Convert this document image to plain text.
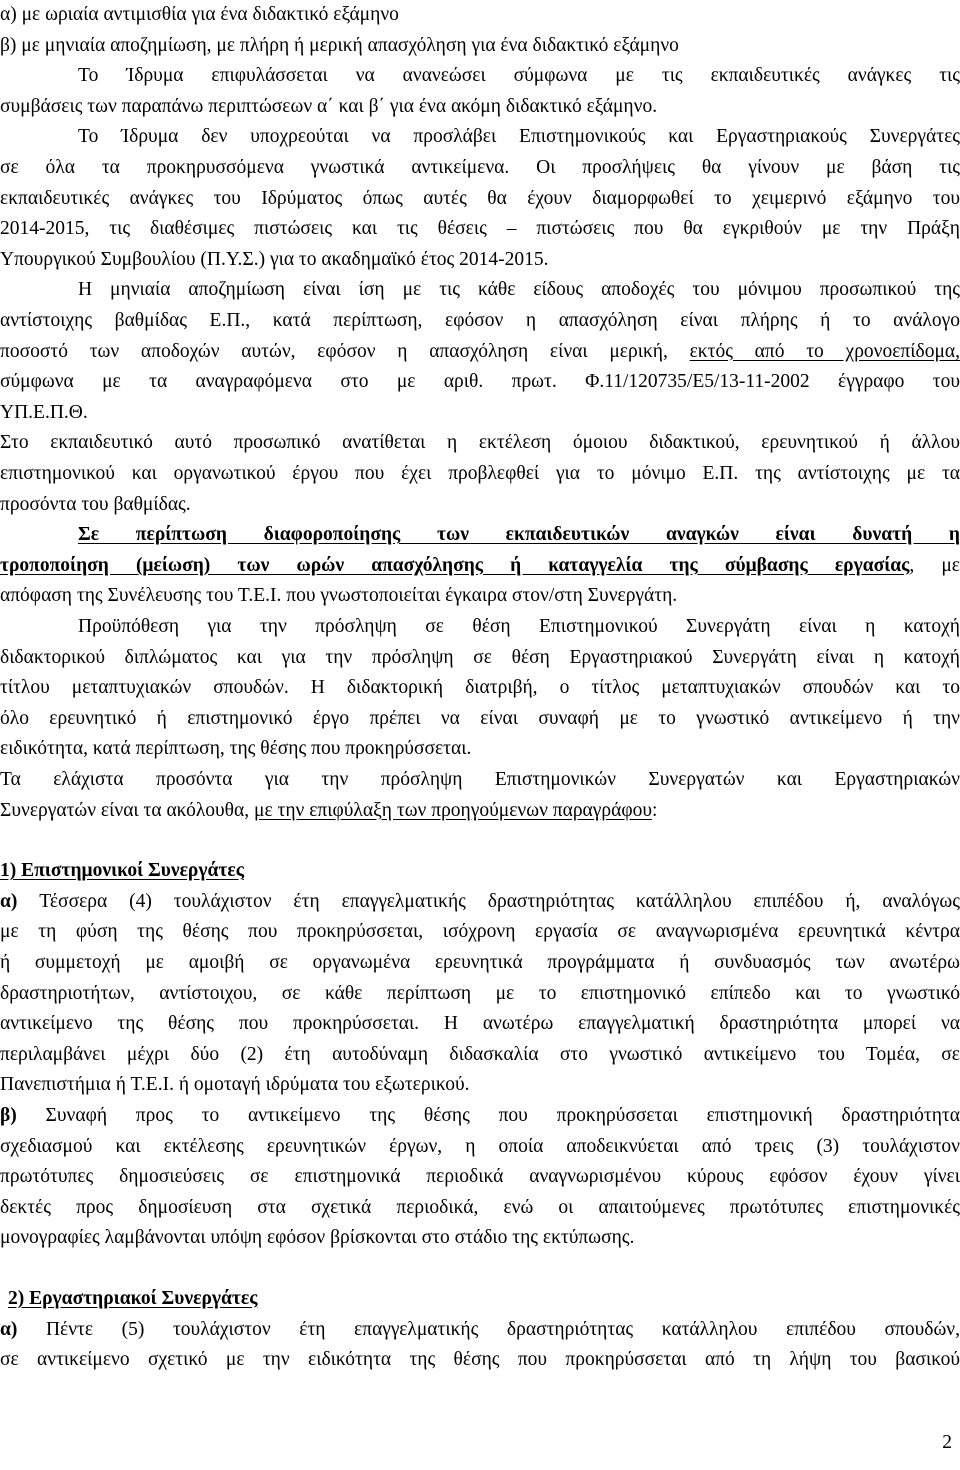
α) με ωριαία αντιμισθία για ένα διδακτικό εξάμηνο
β) με μηνιαία αποζημίωση, με πλήρη ή μερική απασχόληση για ένα διδακτικό εξάμηνο
Το Ίδρυμα επιφυλάσσεται να ανανεώσει σύμφωνα με τις εκπαιδευτικές ανάγκες τις
συμβάσεις των παραπάνω περιπτώσεων α΄ και β΄ για ένα ακόμη διδακτικό εξάμηνο.
Το Ίδρυμα δεν υποχρεούται να προσλάβει Επιστημονικούς και Εργαστηριακούς Συνεργάτες
σε όλα τα προκηρυσσόμενα γνωστικά αντικείμενα. Οι προσλήψεις θα γίνουν με βάση τις
εκπαιδευτικές ανάγκες του Ιδρύματος όπως αυτές θα έχουν διαμορφωθεί το χειμερινό εξάμηνο του
2014-2015, τις διαθέσιμες πιστώσεις και τις θέσεις – πιστώσεις που θα εγκριθούν με την Πράξη
Υπουργικού Συμβουλίου (Π.Υ.Σ.) για το ακαδημαϊκό έτος 2014-2015.
Η μηνιαία αποζημίωση είναι ίση με τις κάθε είδους αποδοχές του μόνιμου προσωπικού της
αντίστοιχης βαθμίδας Ε.Π., κατά περίπτωση, εφόσον η απασχόληση είναι πλήρης ή το ανάλογο
ποσοστό των αποδοχών αυτών, εφόσον η απασχόληση είναι μερική, εκτός από το χρονοεπίδομα,
σύμφωνα με τα αναγραφόμενα στο με αριθ. πρωτ. Φ.11/120735/Ε5/13-11-2002 έγγραφο του
ΥΠ.Ε.Π.Θ.
Στο εκπαιδευτικό αυτό προσωπικό ανατίθεται η εκτέλεση όμοιου διδακτικού, ερευνητικού ή άλλου
επιστημονικού και οργανωτικού έργου που έχει προβλεφθεί για το μόνιμο Ε.Π. της αντίστοιχης με τα
προσόντα του βαθμίδας.
Σε περίπτωση διαφοροποίησης των εκπαιδευτικών αναγκών είναι δυνατή η
τροποποίηση (μείωση) των ωρών απασχόλησης ή καταγγελία της σύμβασης εργασίας, με
απόφαση της Συνέλευσης του Τ.Ε.Ι. που γνωστοποιείται έγκαιρα στον/στη Συνεργάτη.
Προϋπόθεση για την πρόσληψη σε θέση Επιστημονικού Συνεργάτη είναι η κατοχή
διδακτορικού διπλώματος και για την πρόσληψη σε θέση Εργαστηριακού Συνεργάτη είναι η κατοχή
τίτλου μεταπτυχιακών σπουδών. Η διδακτορική διατριβή, ο τίτλος μεταπτυχιακών σπουδών και το
όλο ερευνητικό ή επιστημονικό έργο πρέπει να είναι συναφή με το γνωστικό αντικείμενο ή την
ειδικότητα, κατά περίπτωση, της θέσης που προκηρύσσεται.
Τα ελάχιστα προσόντα για την πρόσληψη Επιστημονικών Συνεργατών και Εργαστηριακών
Συνεργατών είναι τα ακόλουθα, με την επιφύλαξη των προηγούμενων παραγράφου:
1) Επιστημονικοί Συνεργάτες
α) Τέσσερα (4) τουλάχιστον έτη επαγγελματικής δραστηριότητας κατάλληλου επιπέδου ή, αναλόγως
με τη φύση της θέσης που προκηρύσσεται, ισόχρονη εργασία σε αναγνωρισμένα ερευνητικά κέντρα
ή συμμετοχή με αμοιβή σε οργανωμένα ερευνητικά προγράμματα ή συνδυασμός των ανωτέρω
δραστηριοτήτων, αντίστοιχου, σε κάθε περίπτωση με το επιστημονικό επίπεδο και το γνωστικό
αντικείμενο της θέσης που προκηρύσσεται. Η ανωτέρω επαγγελματική δραστηριότητα μπορεί να
περιλαμβάνει μέχρι δύο (2) έτη αυτοδύναμη διδασκαλία στο γνωστικό αντικείμενο του Τομέα, σε
Πανεπιστήμια ή Τ.Ε.Ι. ή ομοταγή ιδρύματα του εξωτερικού.
β) Συναφή προς το αντικείμενο της θέσης που προκηρύσσεται επιστημονική δραστηριότητα
σχεδιασμού και εκτέλεσης ερευνητικών έργων, η οποία αποδεικνύεται από τρεις (3) τουλάχιστον
πρωτότυπες δημοσιεύσεις σε επιστημονικά περιοδικά αναγνωρισμένου κύρους εφόσον έχουν γίνει
δεκτές προς δημοσίευση στα σχετικά περιοδικά, ενώ οι απαιτούμενες πρωτότυπες επιστημονικές
μονογραφίες λαμβάνονται υπόψη εφόσον βρίσκονται στο στάδιο της εκτύπωσης.
2) Εργαστηριακοί Συνεργάτες
α) Πέντε (5) τουλάχιστον έτη επαγγελματικής δραστηριότητας κατάλληλου επιπέδου σπουδών,
σε αντικείμενο σχετικό με την ειδικότητα της θέσης που προκηρύσσεται από τη λήψη του βασικού
2
